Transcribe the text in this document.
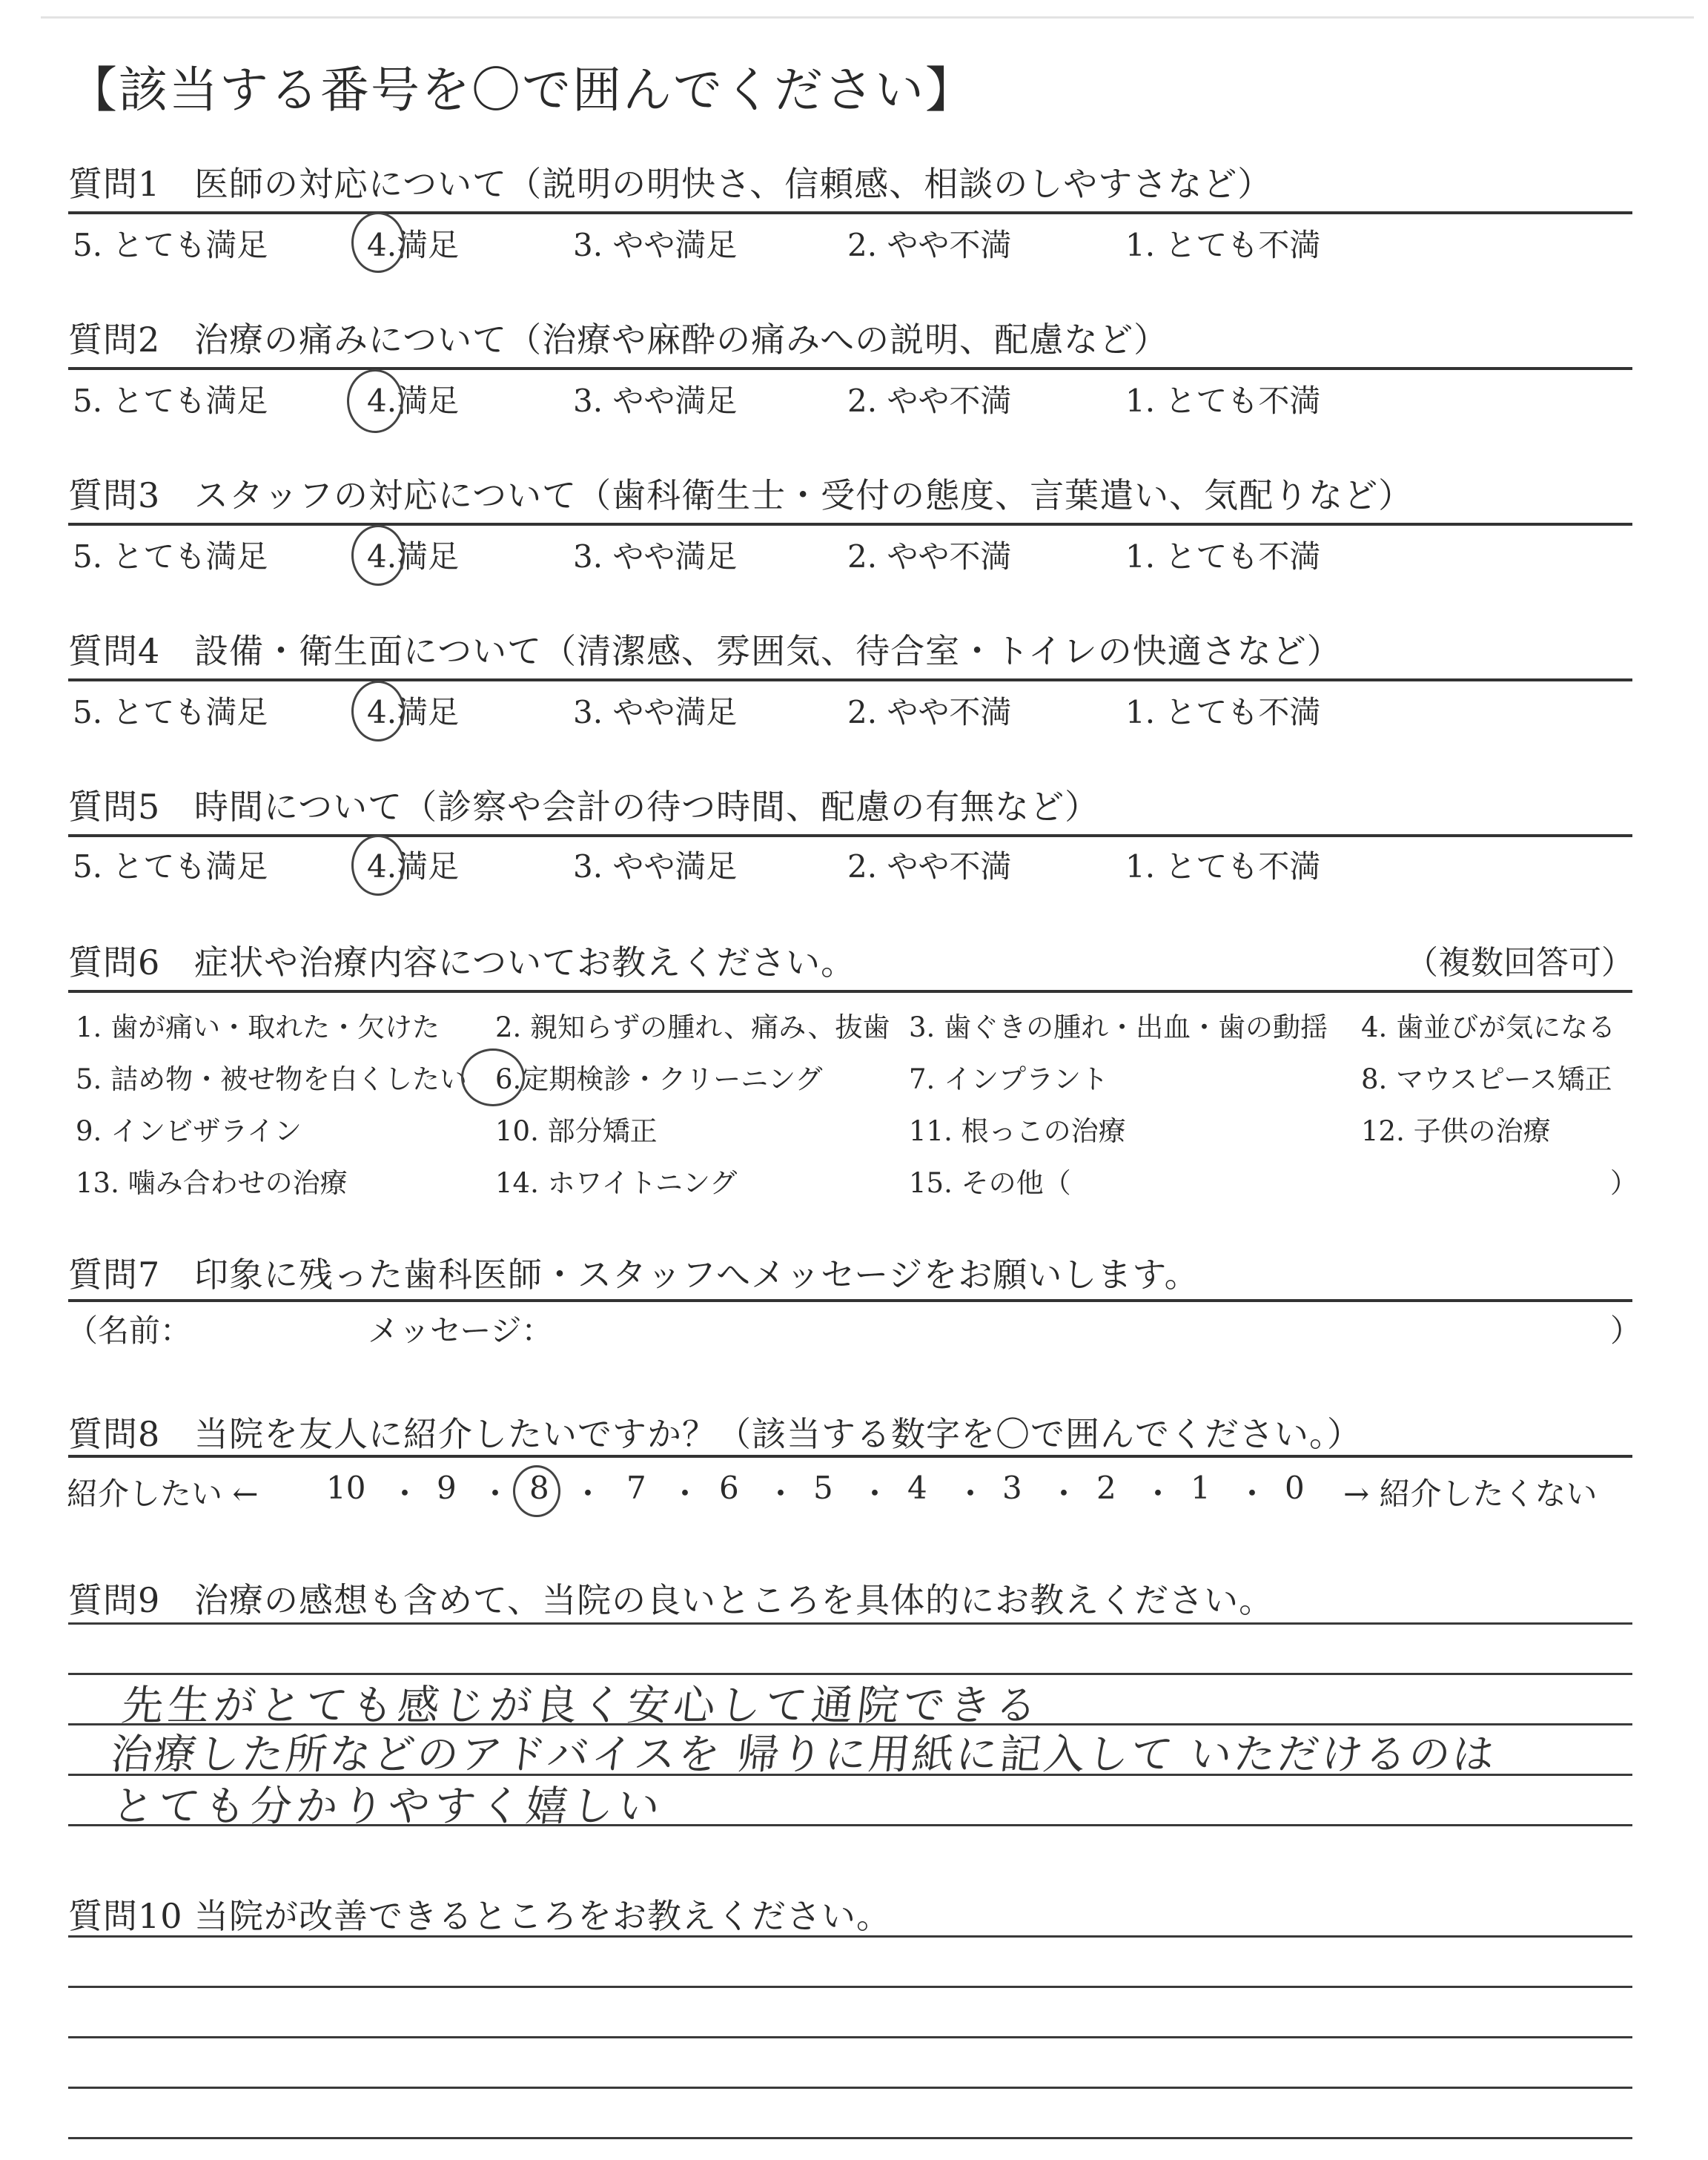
【該当する番号を〇で囲んでください】
質問1 医師の対応について（説明の明快さ、信頼感、相談のしやすさなど）
5. とても満足	4.満足	3. やや満足	2. やや不満	1. とても不満
質問2 治療の痛みについて（治療や麻酔の痛みへの説明、配慮など）
5. とても満足	4.満足	3. やや満足	2. やや不満	1. とても不満
質問3 スタッフの対応について（歯科衛生士・受付の態度、言葉遣い、気配りなど）
5. とても満足	4.満足	3. やや満足	2. やや不満	1. とても不満
質問4 設備・衛生面について（清潔感、雰囲気、待合室・トイレの快適さなど）
5. とても満足	4.満足	3. やや満足	2. やや不満	1. とても不満
質問5 時間について（診察や会計の待つ時間、配慮の有無など）
5. とても満足	4.満足	3. やや満足	2. やや不満	1. とても不満
質問6 症状や治療内容についてお教えください。	（複数回答可）
1. 歯が痛い・取れた・欠けた 2. 親知らずの腫れ、痛み、抜歯 3. 歯ぐきの腫れ・出血・歯の動揺 4. 歯並びが気になる
5. 詰め物・被せ物を白くしたい 6.定期検診・クリーニング	7. インプラント	8. マウスピース矯正
9. インビザライン	10. 部分矯正	11. 根っこの治療	12. 子供の治療
13. 噛み合わせの治療	14. ホワイトニング	15. その他（	）
質問7 印象に残った歯科医師・スタッフへメッセージをお願いします。
（名前：	メッセージ：	）
質問8 当院を友人に紹介したいですか？（該当する数字を〇で囲んでください。）
紹介したい ← 10 ・ 9 ・ 8 ・ 7 ・ 6 ・ 5 ・ 4 ・ 3 ・ 2 ・ 1 ・ 0 → 紹介したくない
質問9 治療の感想も含めて、当院の良いところを具体的にお教えください。
先生がとても感じが良く安心して通院できる
治療した所などのアドバイスを 帰りに用紙に記入して いただけるのは
とても分かりやすく嬉しい
質問10 当院が改善できるところをお教えください。
